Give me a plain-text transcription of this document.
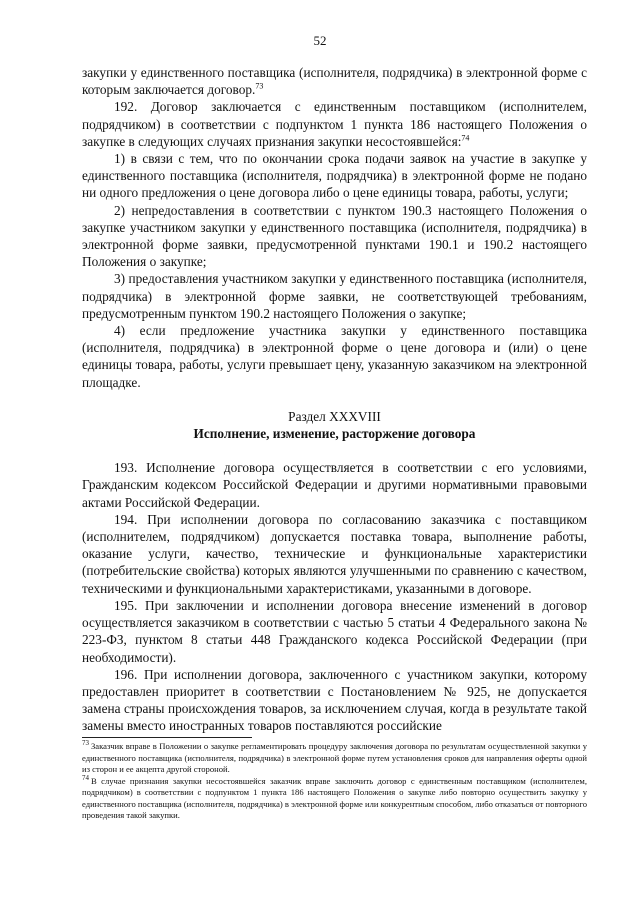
52

закупки у единственного поставщика (исполнителя, подрядчика) в электронной форме с которым заключается договор.$^{73}$

192. Договор заключается с единственным поставщиком (исполнителем, подрядчиком) в соответствии с подпунктом 1 пункта 186 настоящего Положения о закупке в следующих случаях признания закупки несостоявшейся:$^{74}$

1) в связи с тем, что по окончании срока подачи заявок на участие в закупке у единственного поставщика (исполнителя, подрядчика) в электронной форме не подано ни одного предложения о цене договора либо о цене единицы товара, работы, услуги;

2) непредоставления в соответствии с пунктом 190.3 настоящего Положения о закупке участником закупки у единственного поставщика (исполнителя, подрядчика) в электронной форме заявки, предусмотренной пунктами 190.1 и 190.2 настоящего Положения о закупке;

3) предоставления участником закупки у единственного поставщика (исполнителя, подрядчика) в электронной форме заявки, не соответствующей требованиям, предусмотренным пунктом 190.2 настоящего Положения о закупке;

4) если предложение участника закупки у единственного поставщика (исполнителя, подрядчика) в электронной форме о цене договора и (или) о цене единицы товара, работы, услуги превышает цену, указанную заказчиком на электронной площадке.

Раздел XXXVIII

Исполнение, изменение, расторжение договора

193. Исполнение договора осуществляется в соответствии с его условиями, Гражданским кодексом Российской Федерации и другими нормативными правовыми актами Российской Федерации.

194. При исполнении договора по согласованию заказчика с поставщиком (исполнителем, подрядчиком) допускается поставка товара, выполнение работы, оказание услуги, качество, технические и функциональные характеристики (потребительские свойства) которых являются улучшенными по сравнению с качеством, техническими и функциональными характеристиками, указанными в договоре.

195. При заключении и исполнении договора внесение изменений в договор осуществляется заказчиком в соответствии с частью 5 статьи 4 Федерального закона № 223-ФЗ, пунктом 8 статьи 448 Гражданского кодекса Российской Федерации (при необходимости).

196. При исполнении договора, заключенного с участником закупки, которому предоставлен приоритет в соответствии с Постановлением № 925, не допускается замена страны происхождения товаров, за исключением случая, когда в результате такой замены вместо иностранных товаров поставляются российские

$^{73}$ Заказчик вправе в Положении о закупке регламентировать процедуру заключения договора по результатам осуществленной закупки у единственного поставщика (исполнителя, подрядчика) в электронной форме путем установления сроков для направления оферты одной из сторон и ее акцепта другой стороной.

$^{74}$ В случае признания закупки несостоявшейся заказчик вправе заключить договор с единственным поставщиком (исполнителем, подрядчиком) в соответствии с подпунктом 1 пункта 186 настоящего Положения о закупке либо повторно осуществить закупку у единственного поставщика (исполнителя, подрядчика) в электронной форме или конкурентным способом, либо отказаться от повторного проведения такой закупки.
